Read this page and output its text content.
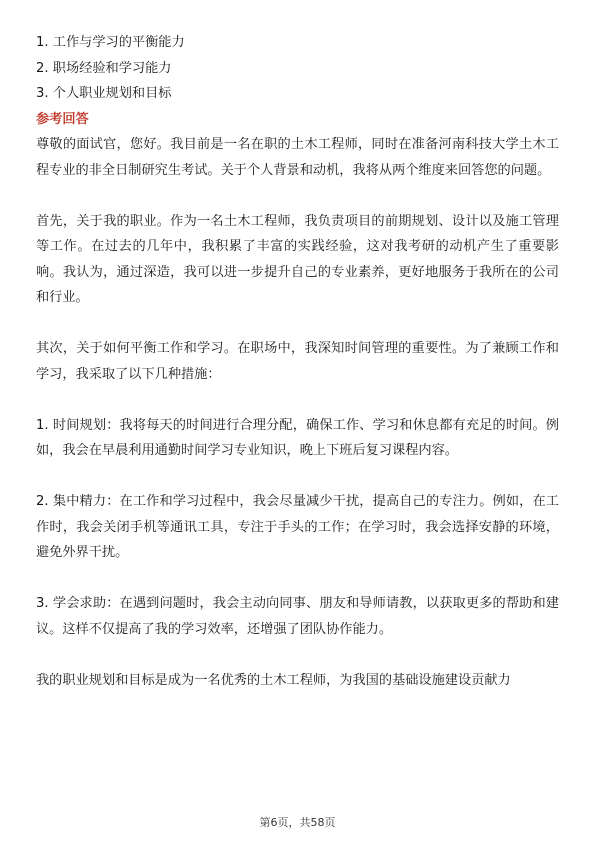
1. 工作与学习的平衡能力

2. 职场经验和学习能力

3. 个人职业规划和目标

参考回答

尊敬的面试官，您好。我目前是一名在职的土木工程师，同时在准备河南科技大学土木工程专业的非全日制研究生考试。关于个人背景和动机，我将从两个维度来回答您的问题。

首先，关于我的职业。作为一名土木工程师，我负责项目的前期规划、设计以及施工管理等工作。在过去的几年中，我积累了丰富的实践经验，这对我考研的动机产生了重要影响。我认为，通过深造，我可以进一步提升自己的专业素养，更好地服务于我所在的公司和行业。

其次，关于如何平衡工作和学习。在职场中，我深知时间管理的重要性。为了兼顾工作和学习，我采取了以下几种措施：

1. 时间规划：我将每天的时间进行合理分配，确保工作、学习和休息都有充足的时间。例如，我会在早晨利用通勤时间学习专业知识，晚上下班后复习课程内容。

2. 集中精力：在工作和学习过程中，我会尽量减少干扰，提高自己的专注力。例如，在工作时，我会关闭手机等通讯工具，专注于手头的工作；在学习时，我会选择安静的环境，避免外界干扰。

3. 学会求助：在遇到问题时，我会主动向同事、朋友和导师请教，以获取更多的帮助和建议。这样不仅提高了我的学习效率，还增强了团队协作能力。

我的职业规划和目标是成为一名优秀的土木工程师，为我国的基础设施建设贡献力

第6页，共58页
